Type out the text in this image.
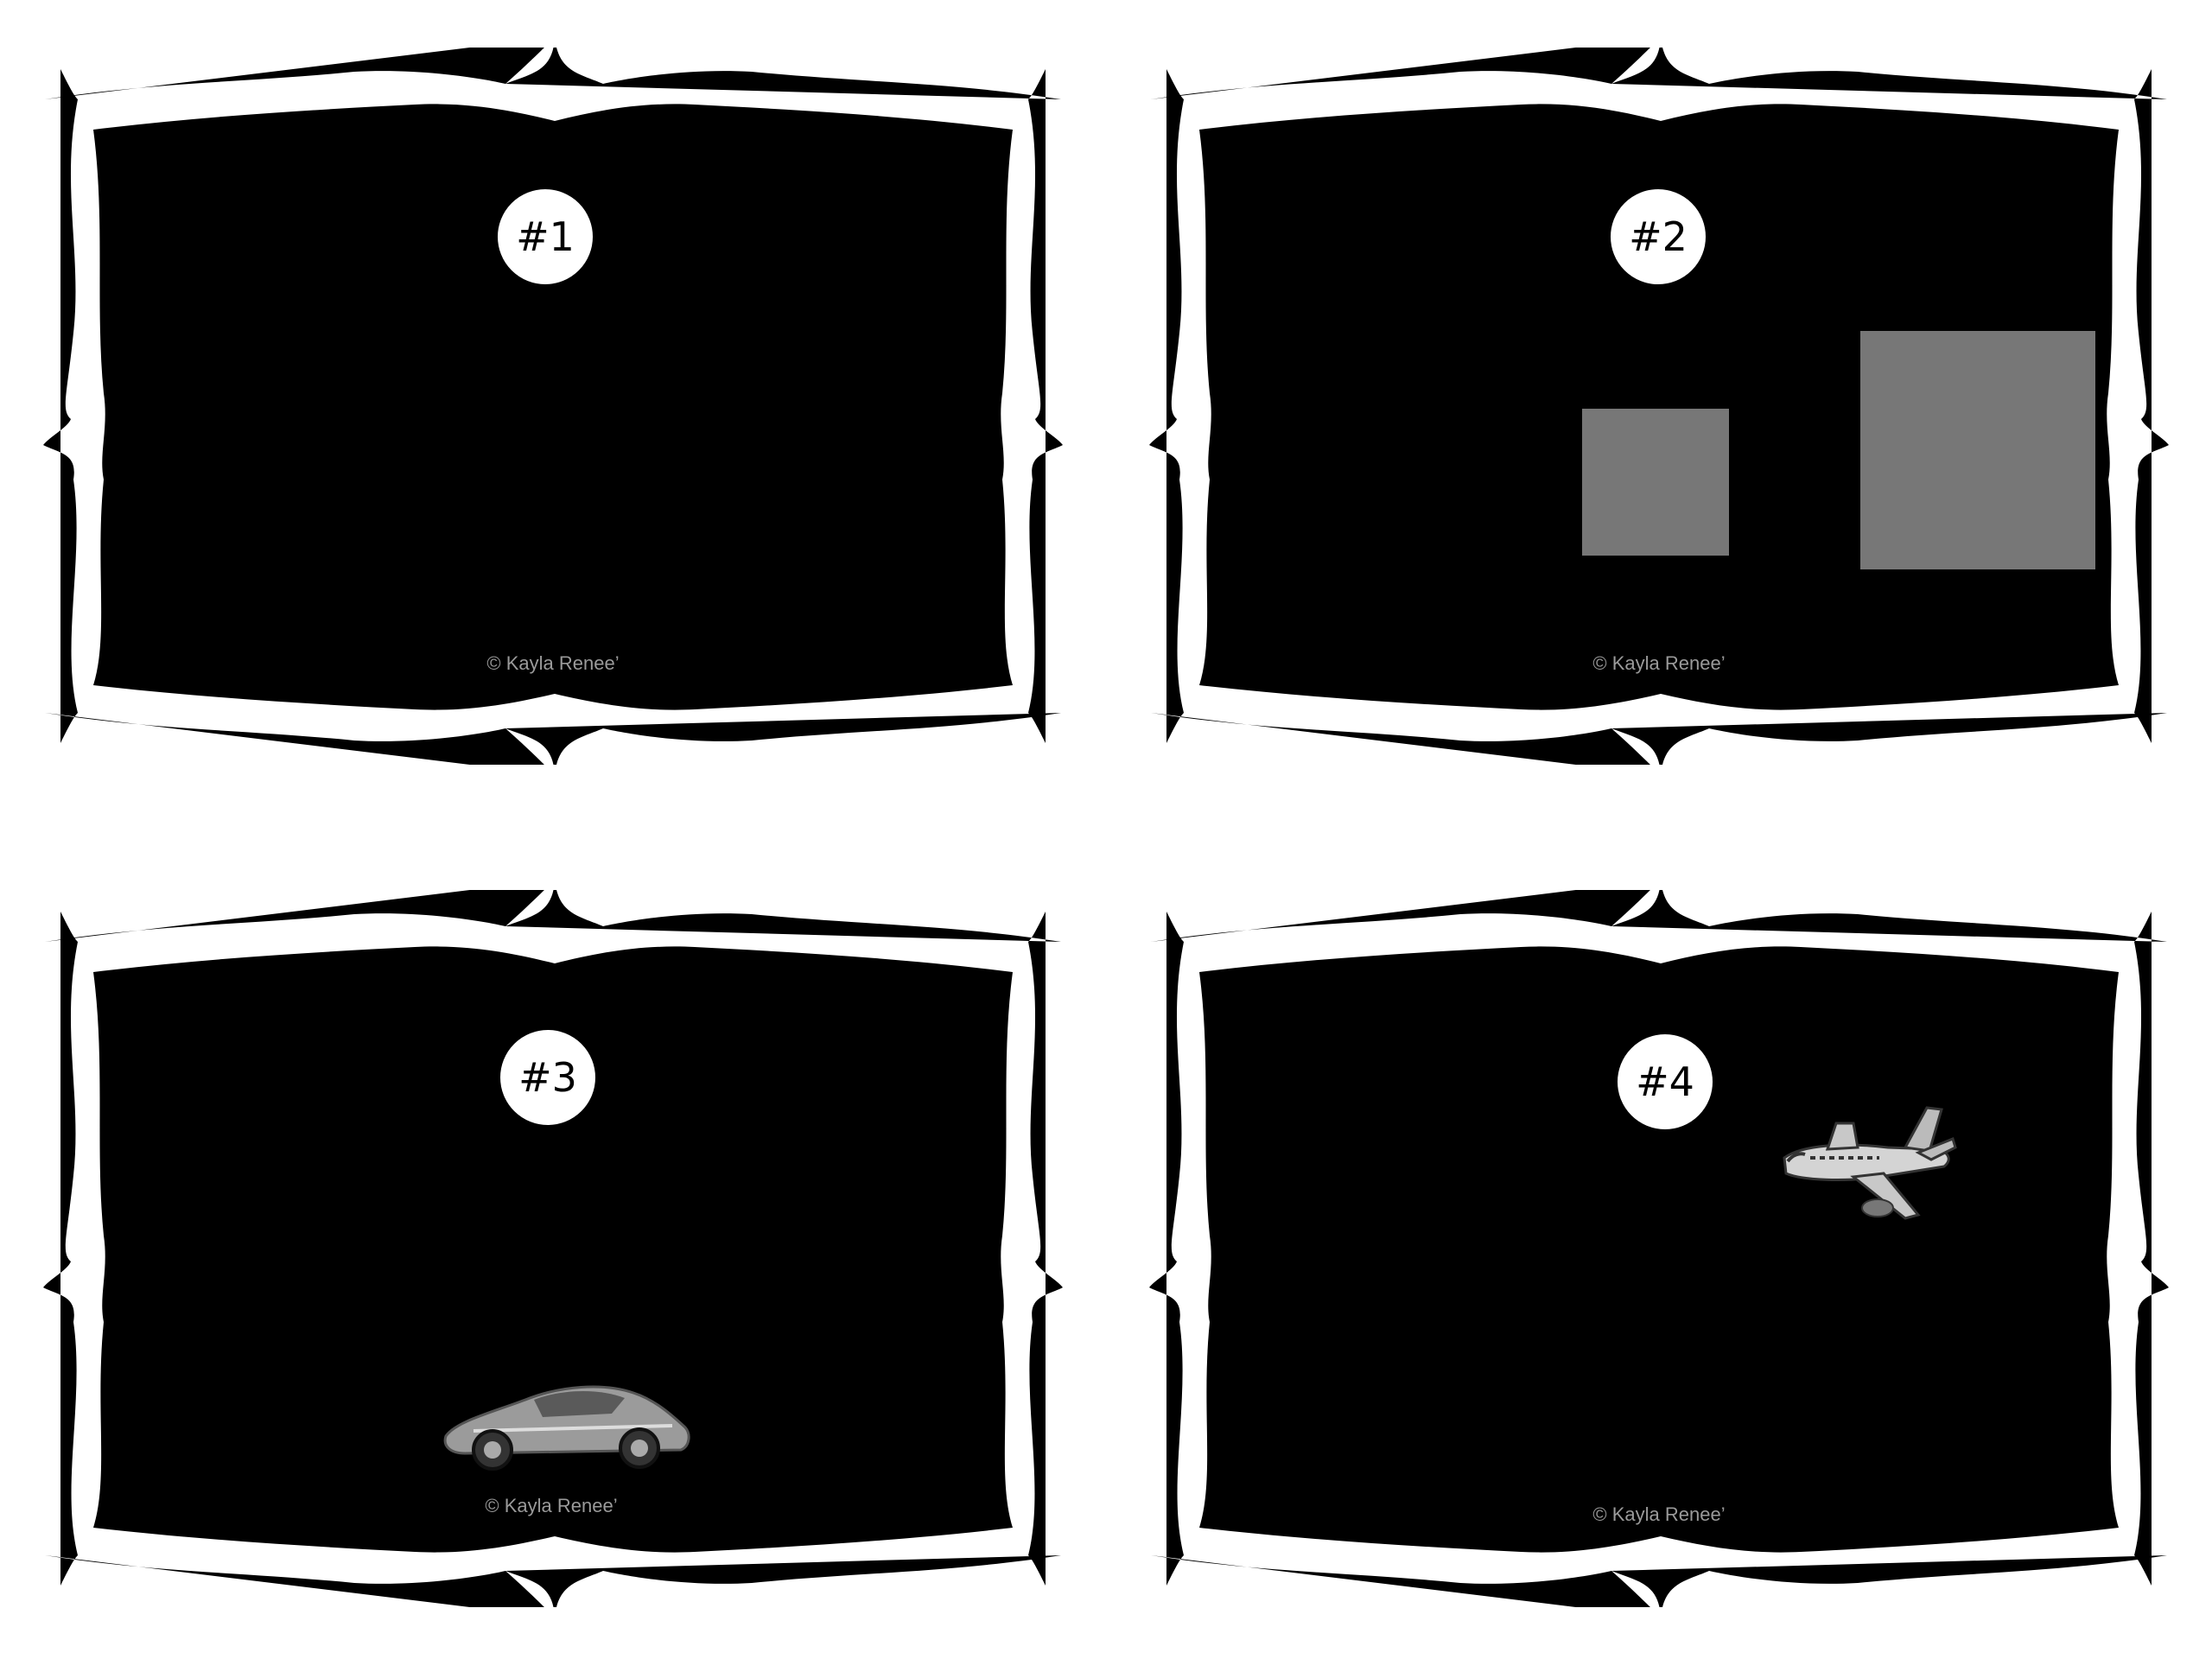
#1
A	is
a proportional two dimensional drawing of an object. Give an example.
© Kayla Renee’
#2
Find the value of x.
1 cm
x cm
2 cm
2 cm
© Kayla Renee’
#3
Lee is making a model of a car. He uses the scale 1 in : 14 in. If the length of the actual car is 168 in., what is the length of his model car?
© Kayla Renee’
#4
Find the scale factor.
	Airplane	Model
Length (in.)	2,000	25
Height (in.)	640	8
© Kayla Renee’
